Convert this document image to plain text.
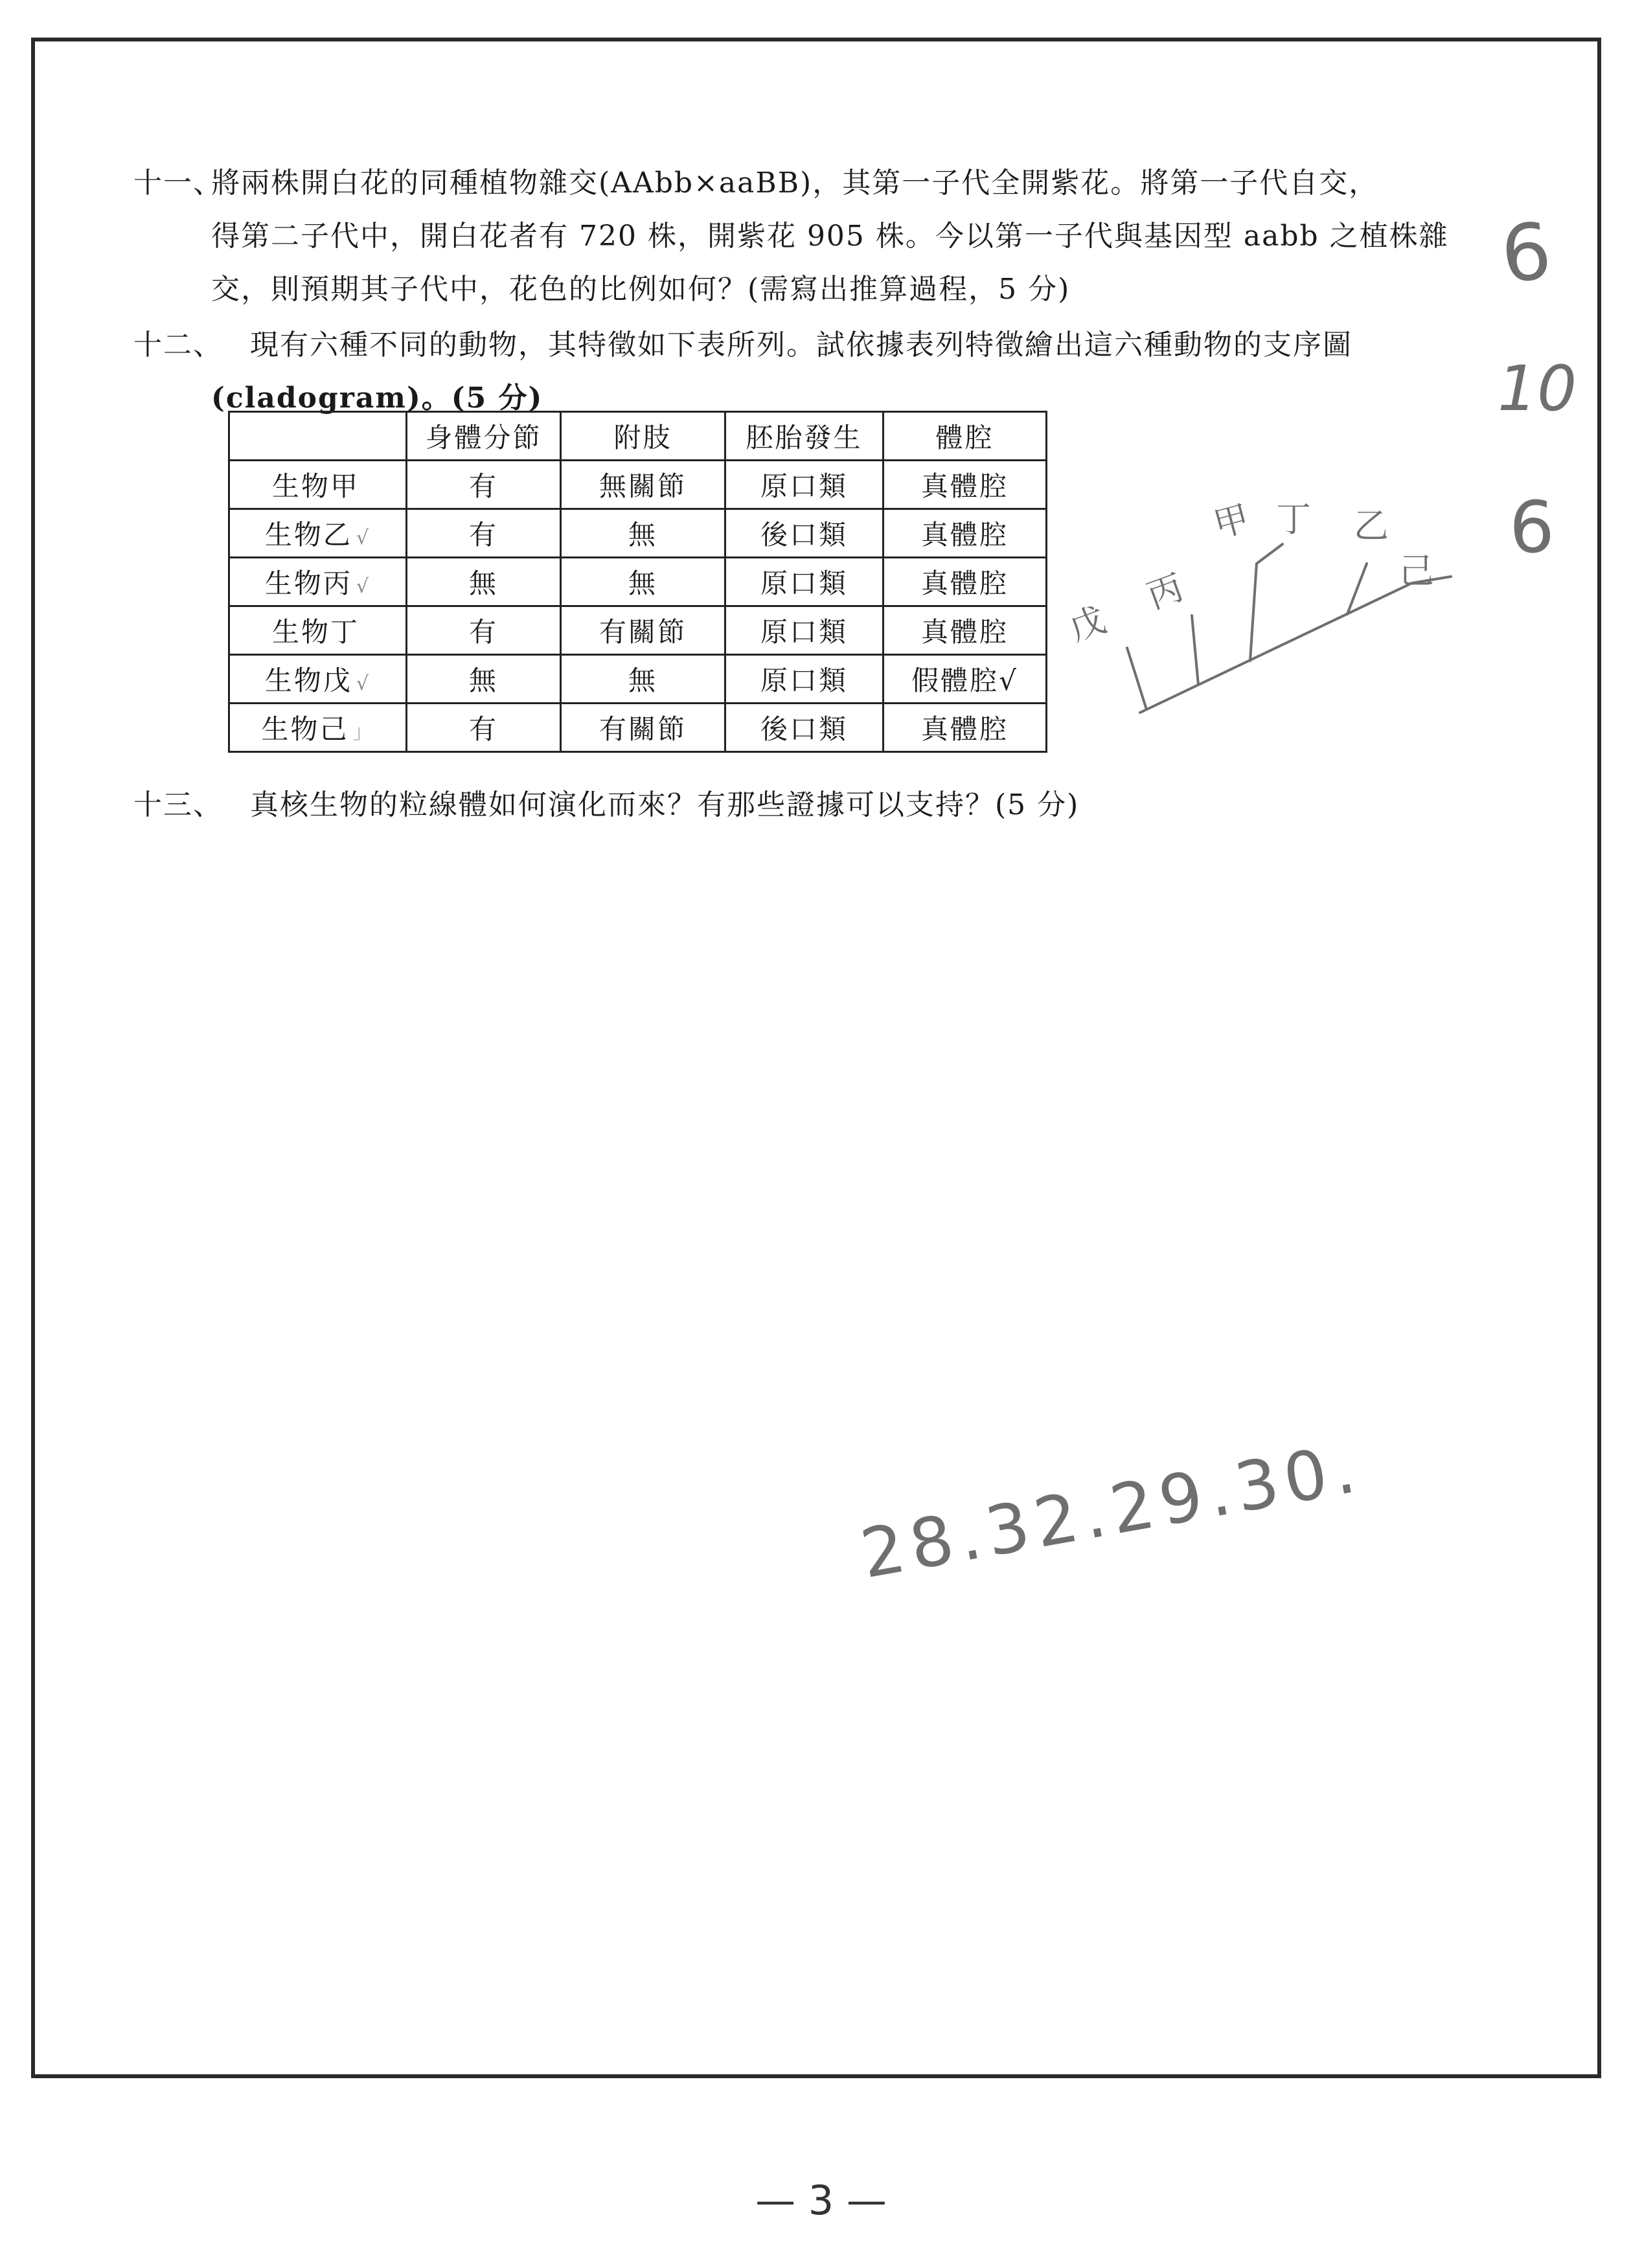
十一、
將兩株開白花的同種植物雜交(AAbb×aaBB)，其第一子代全開紫花。將第一子代自交，
得第二子代中，開白花者有 720 株，開紫花 905 株。今以第一子代與基因型 aabb 之植株雜
交，則預期其子代中，花色的比例如何？(需寫出推算過程，5 分)
十二、 現有六種不同的動物，其特徵如下表所列。試依據表列特徵繪出這六種動物的支序圖
(cladogram)。(5 分)
	身體分節	附肢	胚胎發生	體腔
生物甲	有	無關節	原口類	真體腔
生物乙 √	有	無	後口類	真體腔
生物丙 √	無	無	原口類	真體腔
生物丁	有	有關節	原口類	真體腔
生物戊 √	無	無	原口類	假體腔√
生物己 」	有	有關節	後口類	真體腔
十三、 真核生物的粒線體如何演化而來？有那些證據可以支持？(5 分)
6
10
6
戊
丙
甲 丁 乙
己
28.32.29.30.
— 3 —
